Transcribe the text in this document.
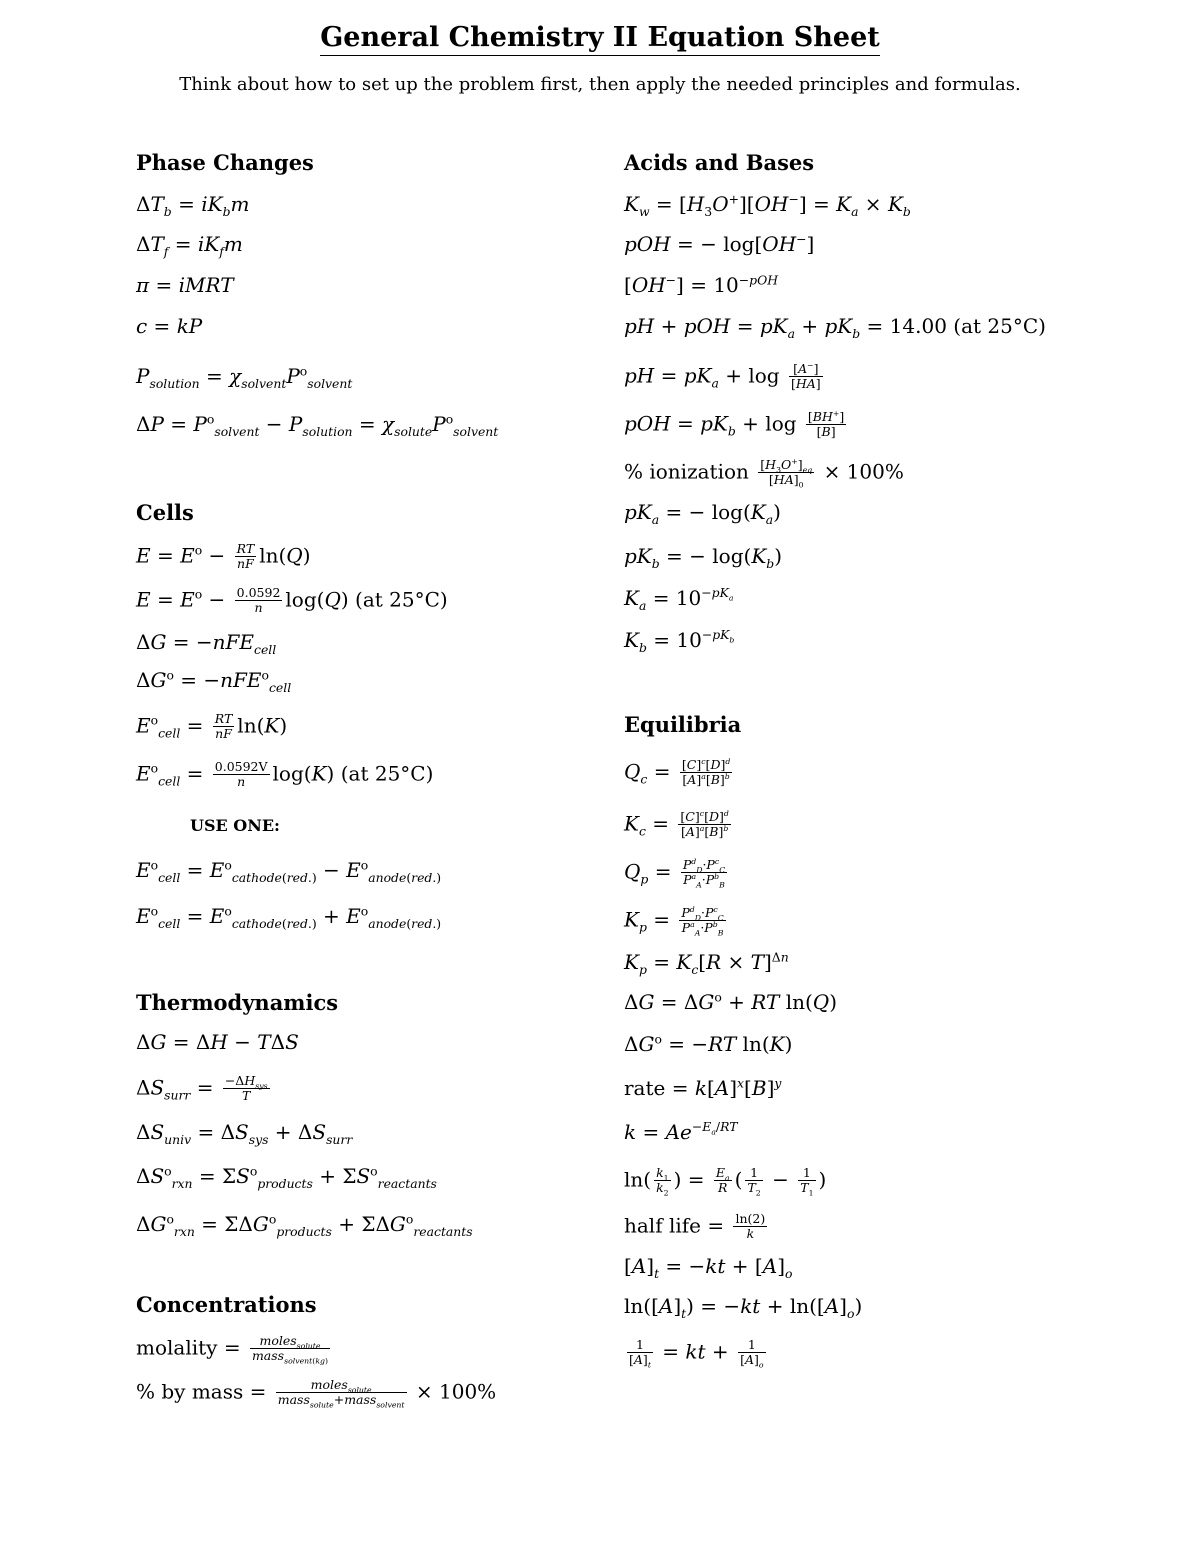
General Chemistry II Equation Sheet
Think about how to set up the problem first, then apply the needed principles and formulas.
Phase Changes
$\Delta T_b = iK_bm$
$\Delta T_f = iK_fm$
π = iMRT
c = kP
$P_{solution} = \chi_{solvent}P^o_{solvent}$
$\Delta P = P^o_{solvent} - P_{solution} = \chi_{solute}P^o_{solvent}$
Cells
$E = E^o - \frac{RT}{nF} \ln(Q)$
$E = E^o - \frac{0.0592}{n} \log(Q)$ (at 25°C)
ΔG = −nFE$_{cell}$
$\Delta G^o = -nFE^o_{cell}$
$E^o_{cell} = \frac{RT}{nF} \ln(K)$
$E^o_{cell} = \frac{0.0592V}{n} \log(K)$ (at 25°C)
USE ONE:
$E^o_{cell} = E^o_{cathode(red.)} - E^o_{anode(red.)}$
$E^o_{cell} = E^o_{cathode(red.)} + E^o_{anode(red.)}$
Thermodynamics
ΔG = ΔH − TΔS
$\Delta S_{surr} = \frac{-\Delta H_{sys}}{T}$
$\Delta S_{univ} = \Delta S_{sys} + \Delta S_{surr}$
$\Delta S^o_{rxn} = \Sigma S^o_{products} + \Sigma S^o_{reactants}$
$\Delta G^o_{rxn} = \Sigma\Delta G^o_{products} + \Sigma\Delta G^o_{reactants}$
Concentrations
molality = $\frac{moles_{solute}}{mass_{solvent(kg)}}$
% by mass = $\frac{moles_{solute}}{mass_{solute}+mass_{solvent}} \times 100\%$
Acids and Bases
$K_w = [H_3O^+][OH^-] = K_a \times K_b$
pOH = − log[OH−]
$[OH^-] = 10^{-pOH}$
pH + pOH = $pK_a + pK_b = 14.00$ (at 25°C)
pH = $pK_a + \log \frac{[A^-]}{[HA]}$
pOH = $pK_b + \log \frac{[BH^+]}{[B]}$
% ionization $\frac{[H_3O^+]_{eq}}{[HA]_0} \times 100\%$
$pK_a$ = − $\log(K_a)$
$pK_b$ = − $\log(K_b)$
$K_a = 10^{-pK_a}$
$K_b = 10^{-pK_b}$
Equilibria
$Q_c = \frac{[C]^c[D]^d}{[A]^a[B]^b}$
$K_c = \frac{[C]^c[D]^d}{[A]^a[B]^b}$
$Q_p = \frac{P^d_D\cdot P^c_C}{P^a_A\cdot P^b_B}$
$K_p = \frac{P^d_D\cdot P^c_C}{P^a_A\cdot P^b_B}$
$K_p = K_c[R \times T]^{\Delta n}$
$\Delta G = \Delta G^o$ + RT ln(Q)
$\Delta G^o = -RT$ ln(K)
rate = $k[A]^x[B]^y$
$k = Ae^{-E_a/RT}$
$\ln( \frac{k_1}{k_2}$ ) = $\frac{E_a}{R}$ ( $\frac{1}{T_2} - \frac{1}{T_1}$ )
half life = $\frac{\ln(2)}{k}$
$[A]_t = -kt + [A]_o$
$\ln([A]_t) = -kt + \ln([A]_o)$
$\frac{1}{[A]_t}$ = kt + $\frac{1}{[A]_o}$
